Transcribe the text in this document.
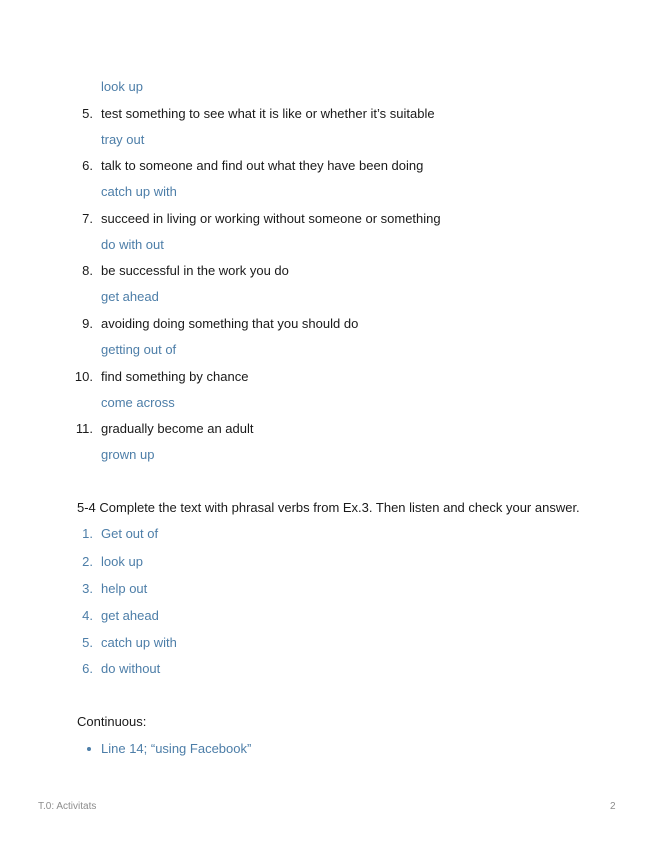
look up
5. test something to see what it is like or whether it’s suitable
tray out
6. talk to someone and find out what they have been doing
catch up with
7. succeed in living or working without someone or something
do with out
8. be successful in the work you do
get ahead
9. avoiding doing something that you should do
getting out of
10. find something by chance
come across
11. gradually become an adult
grown up
5-4 Complete the text with phrasal verbs from Ex.3. Then listen and check your answer.
1. Get out of
2. look up
3. help out
4. get ahead
5. catch up with
6. do without
Continuous:
Line 14; “using Facebook”
T.0: Activitats	2
